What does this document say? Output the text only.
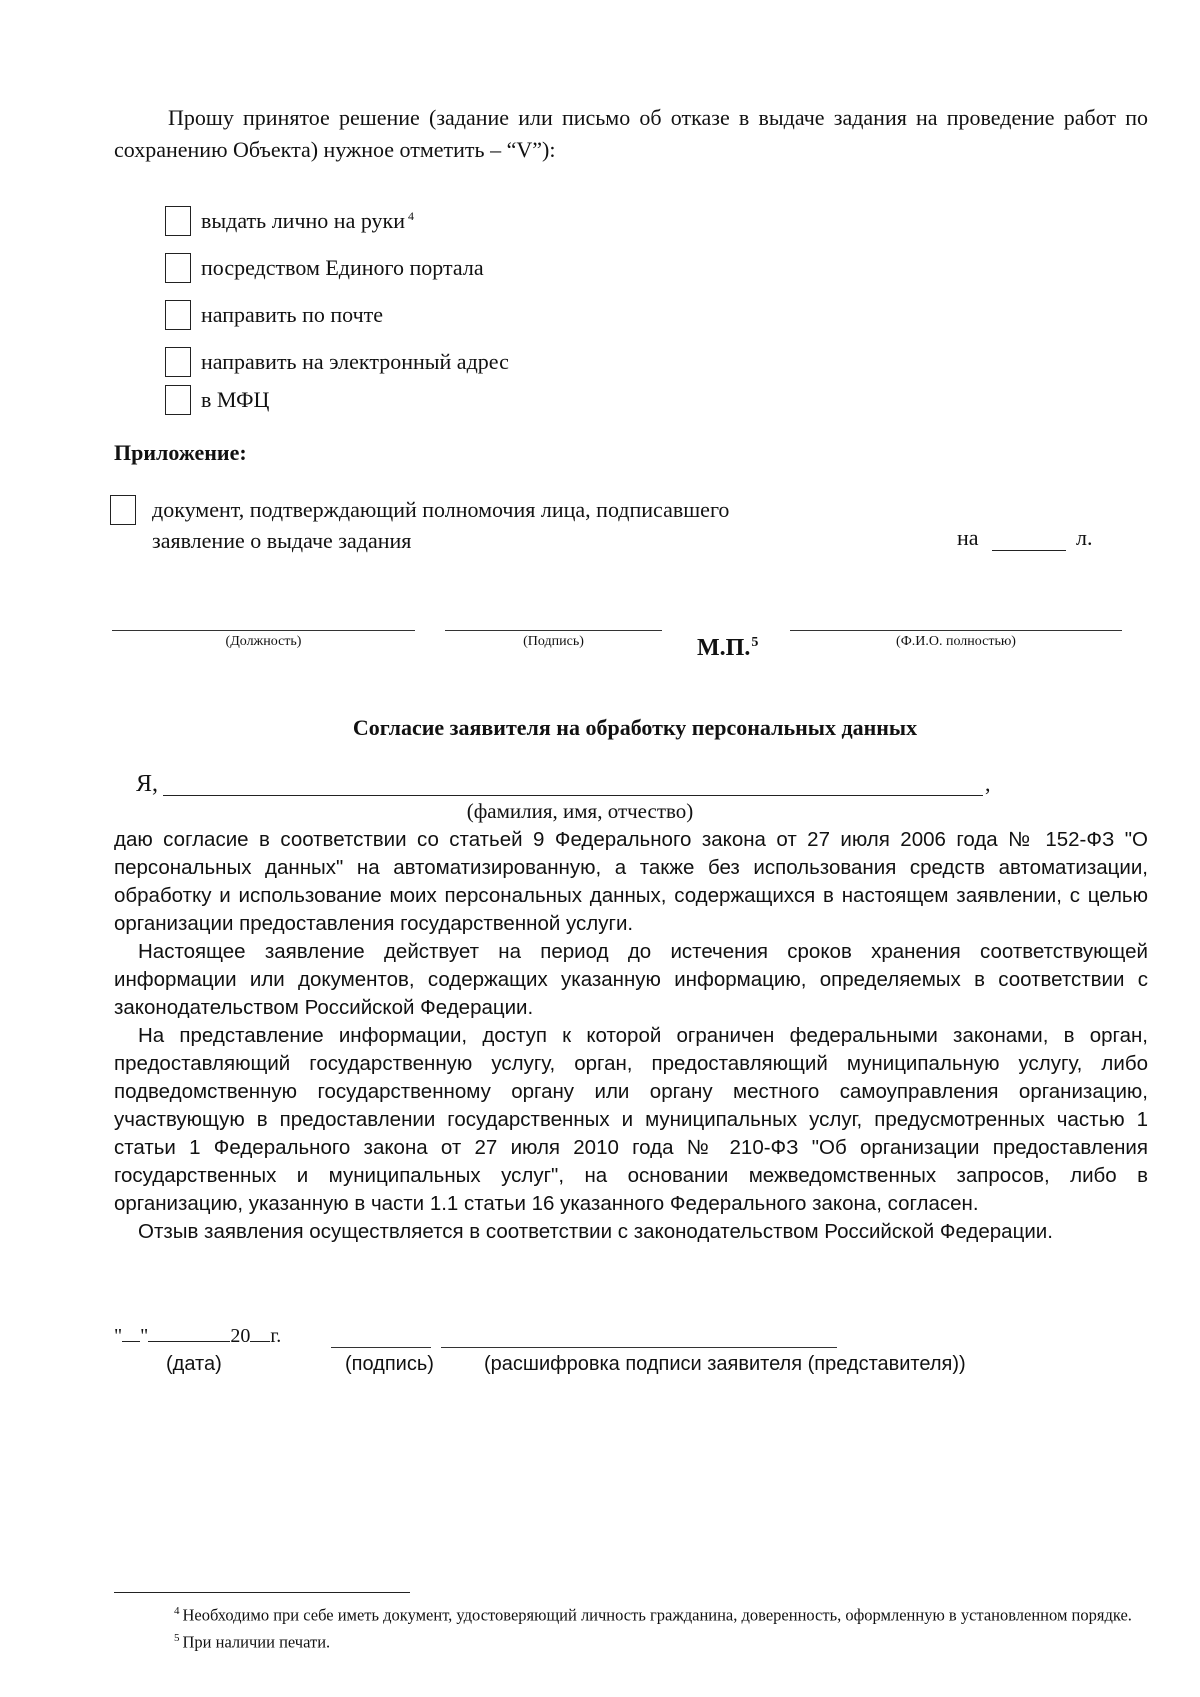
Прошу принятое решение (задание или письмо об отказе в выдаче задания на проведение работ по сохранению Объекта) нужное отметить – “V”):

выдать лично на руки $^4$
посредством Единого портала
направить по почте
направить на электронный адрес
в МФЦ
Приложение:
документ, подтверждающий полномочия лица, подписавшего
заявление о выдаче задания	на	л.
(Должность)	(Подпись)	М.П.$^5$	(Ф.И.О. полностью)
Согласие заявителя на обработку персональных данных
Я,	,
(фамилия, имя, отчество)

даю согласие в соответствии со статьей 9 Федерального закона от 27 июля 2006 года № 152-ФЗ "О персональных данных" на автоматизированную, а также без использования средств автоматизации, обработку и использование моих персональных данных, содержащихся в настоящем заявлении, с целью организации предоставления государственной услуги.

Настоящее заявление действует на период до истечения сроков хранения соответствующей информации или документов, содержащих указанную информацию, определяемых в соответствии с законодательством Российской Федерации.

На представление информации, доступ к которой ограничен федеральными законами, в орган, предоставляющий государственную услугу, орган, предоставляющий муниципальную услугу, либо подведомственную государственному органу или органу местного самоуправления организацию, участвующую в предоставлении государственных и муниципальных услуг, предусмотренных частью 1 статьи 1 Федерального закона от 27 июля 2010 года № 210-ФЗ "Об организации предоставления государственных и муниципальных услуг", на основании межведомственных запросов, либо в организацию, указанную в части 1.1 статьи 16 указанного Федерального закона, согласен.

Отзыв заявления осуществляется в соответствии с законодательством Российской Федерации.

" "	20 г.
(дата)	(подпись)	(расшифровка подписи заявителя (представителя))

$^4$ Необходимо при себе иметь документ, удостоверяющий личность гражданина, доверенность, оформленную в установленном порядке.

$^5$ При наличии печати.
